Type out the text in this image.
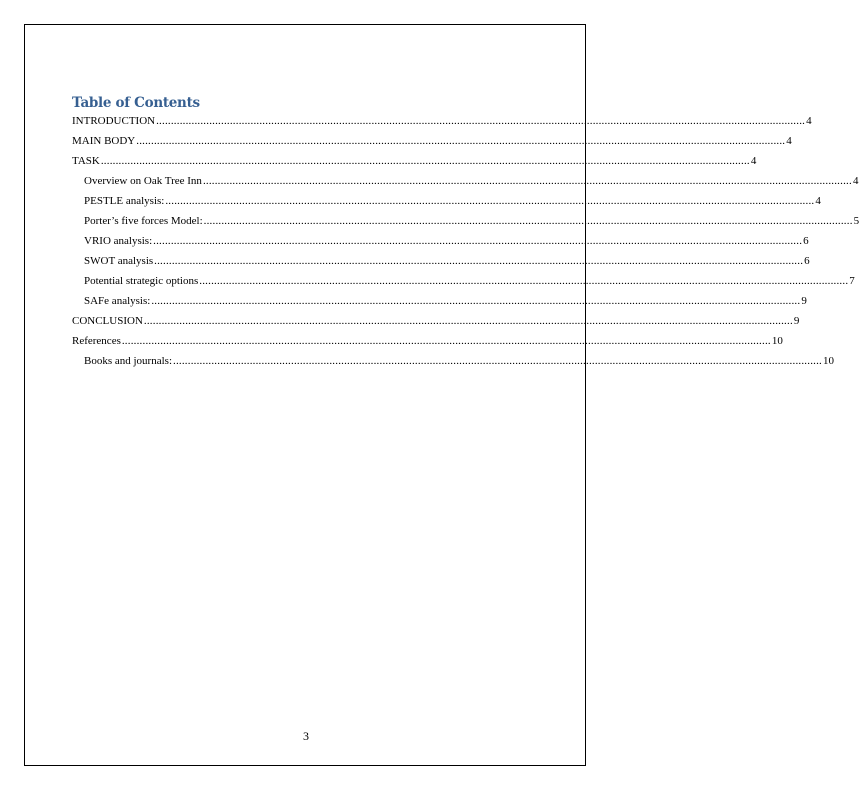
Table of Contents
INTRODUCTION ............................................................................................................................................................................................................................ 4
MAIN BODY ............................................................................................................................................................................................................................ 4
TASK ............................................................................................................................................................................................................................ 4
Overview on Oak Tree Inn ............................................................................................................................................................................................................................ 4
PESTLE analysis: ............................................................................................................................................................................................................................ 4
Porter’s five forces Model: ............................................................................................................................................................................................................................ 5
VRIO analysis: ............................................................................................................................................................................................................................ 6
SWOT analysis ............................................................................................................................................................................................................................ 6
Potential strategic options ............................................................................................................................................................................................................................ 7
SAFe analysis: ............................................................................................................................................................................................................................ 9
CONCLUSION ............................................................................................................................................................................................................................ 9
References ............................................................................................................................................................................................................................ 10
Books and journals: ............................................................................................................................................................................................................................ 10
3
